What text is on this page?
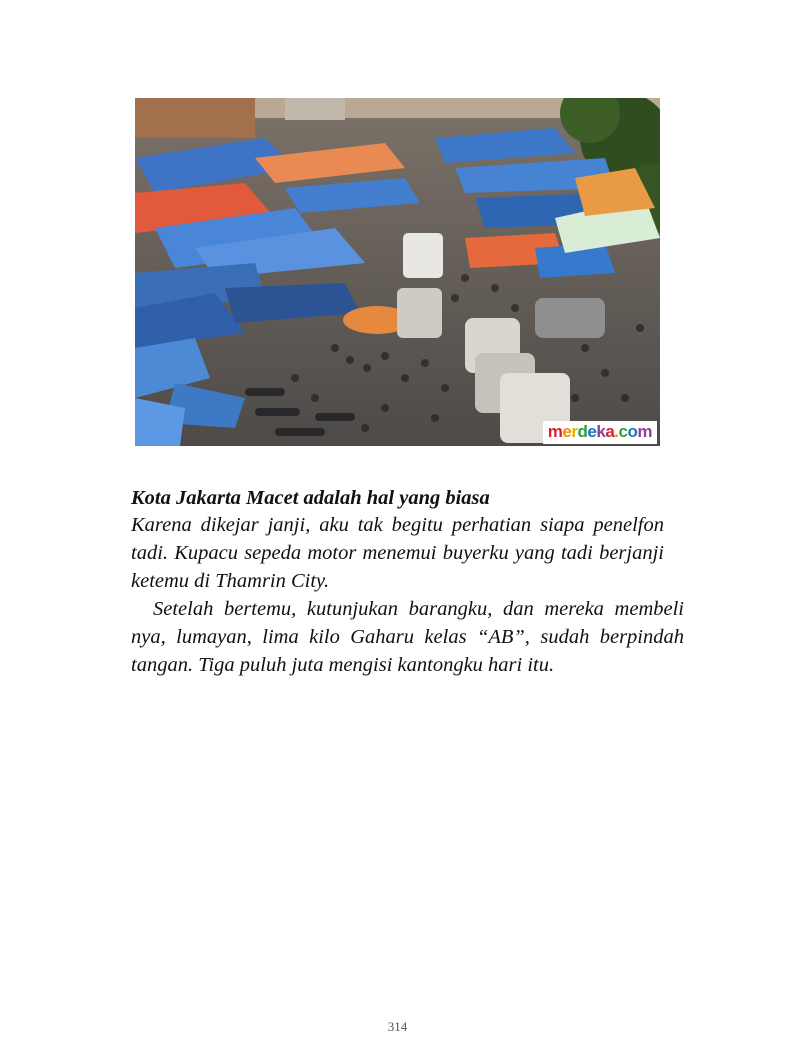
merdeka.com

Kota Jakarta Macet adalah hal yang biasa

Karena dikejar janji, aku tak begitu perhatian siapa penelfon tadi. Kupacu sepeda motor menemui buyerku yang tadi berjanji ketemu di Thamrin City.

Setelah bertemu, kutunjukan barangku, dan mereka membeli nya, lumayan, lima kilo Gaharu kelas “AB”, sudah berpindah tangan. Tiga puluh juta mengisi kantongku hari itu.

314
